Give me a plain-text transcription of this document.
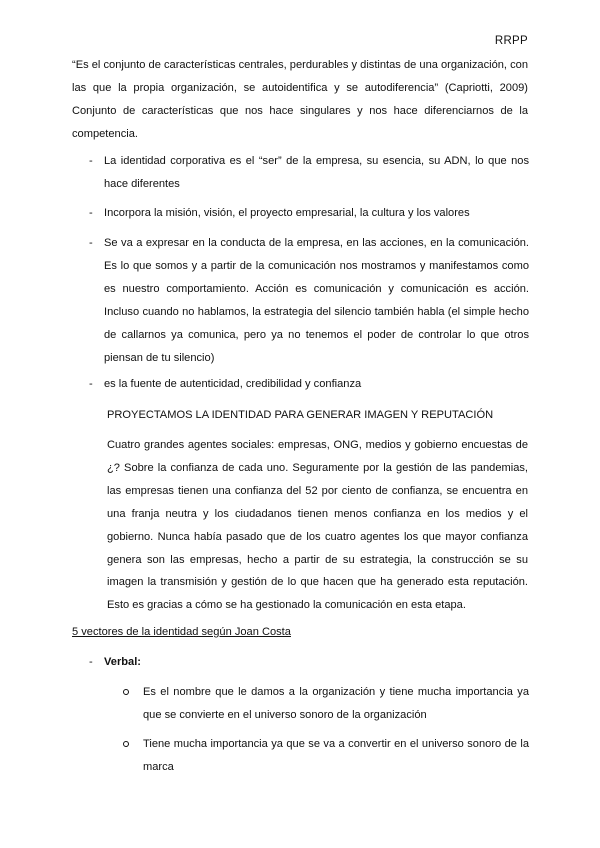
RRPP
“Es el conjunto de características centrales, perdurables y distintas de una organización, con las que la propia organización, se autoidentifica y se autodiferencia” (Capriotti, 2009) Conjunto de características que nos hace singulares y nos hace diferenciarnos de la competencia.
- La identidad corporativa es el “ser” de la empresa, su esencia, su ADN, lo que nos hace diferentes
- Incorpora la misión, visión, el proyecto empresarial, la cultura y los valores
- Se va a expresar en la conducta de la empresa, en las acciones, en la comunicación. Es lo que somos y a partir de la comunicación nos mostramos y manifestamos como es nuestro comportamiento. Acción es comunicación y comunicación es acción. Incluso cuando no hablamos, la estrategia del silencio también habla (el simple hecho de callarnos ya comunica, pero ya no tenemos el poder de controlar lo que otros piensan de tu silencio)
- es la fuente de autenticidad, credibilidad y confianza
PROYECTAMOS LA IDENTIDAD PARA GENERAR IMAGEN Y REPUTACIÓN
Cuatro grandes agentes sociales: empresas, ONG, medios y gobierno encuestas de ¿? Sobre la confianza de cada uno. Seguramente por la gestión de las pandemias, las empresas tienen una confianza del 52 por ciento de confianza, se encuentra en una franja neutra y los ciudadanos tienen menos confianza en los medios y el gobierno. Nunca había pasado que de los cuatro agentes los que mayor confianza genera son las empresas, hecho a partir de su estrategia, la construcción se su imagen la transmisión y gestión de lo que hacen que ha generado esta reputación. Esto es gracias a cómo se ha gestionado la comunicación en esta etapa.
5 vectores de la identidad según Joan Costa
- Verbal:
Es el nombre que le damos a la organización y tiene mucha importancia ya que se convierte en el universo sonoro de la organización
Tiene mucha importancia ya que se va a convertir en el universo sonoro de la marca
